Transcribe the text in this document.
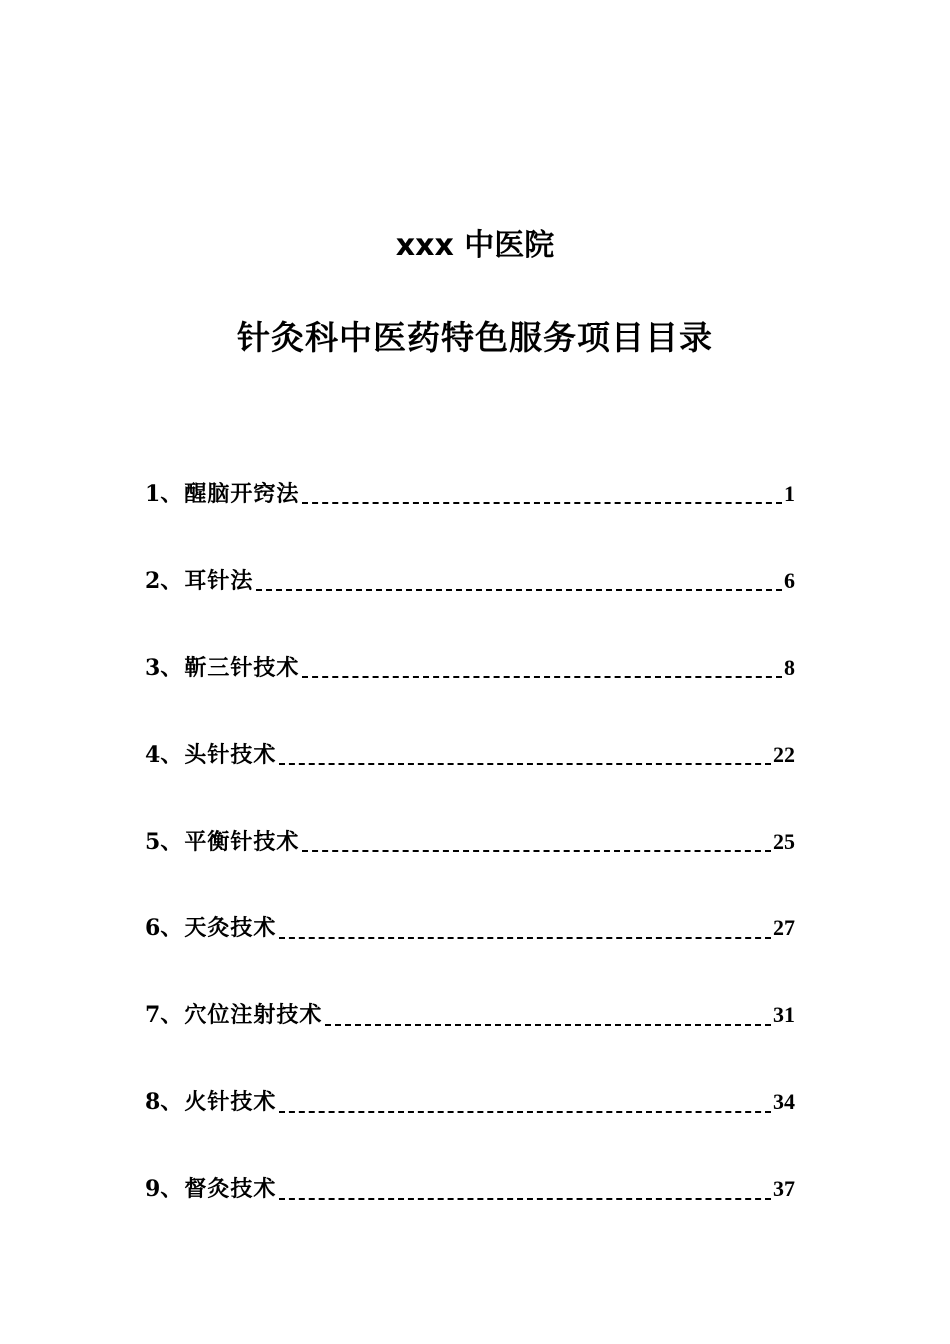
xxx 中医院
针灸科中医药特色服务项目目录
1 、 醒脑开窍法	1
2 、 耳针法	6
3 、 靳三针技术	8
4 、 头针技术	22
5 、 平衡针技术	25
6 、 天灸技术	27
7 、 穴位注射技术	31
8 、 火针技术	34
9 、 督灸技术	37
